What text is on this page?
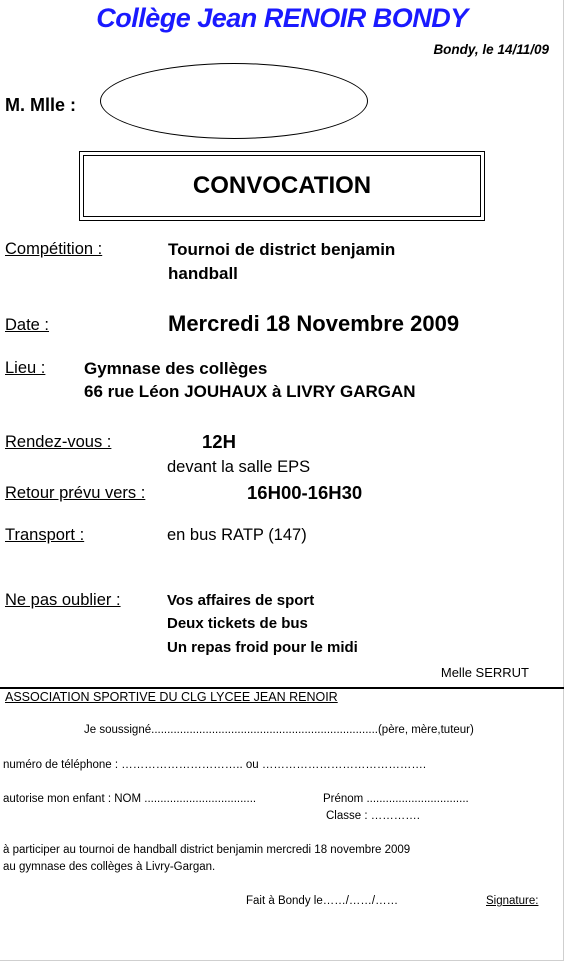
Collège Jean RENOIR BONDY
Bondy, le 14/11/09
M. Mlle :
CONVOCATION
Compétition :	Tournoi de district benjamin
handball
Date :	Mercredi 18 Novembre 2009
Lieu : Gymnase des collèges
66 rue Léon JOUHAUX à LIVRY GARGAN
Rendez-vous :	12H
devant la salle EPS
Retour prévu vers :	16H00-16H30
Transport :	en bus RATP (147)
Ne pas oublier :	Vos affaires de sport
Deux tickets de bus
Un repas froid pour le midi
Melle SERRUT
ASSOCIATION SPORTIVE DU CLG LYCEE JEAN RENOIR
Je soussigné.......................................................................(père, mère,tuteur)
numéro de téléphone : ………………………….. ou …………………………………….
autorise mon enfant : NOM ...................................	Prénom ................................
Classe : ………….
à participer au tournoi de handball district benjamin mercredi 18 novembre 2009
au gymnase des collèges à Livry-Gargan.
Fait à Bondy le……/……/……	Signature:
